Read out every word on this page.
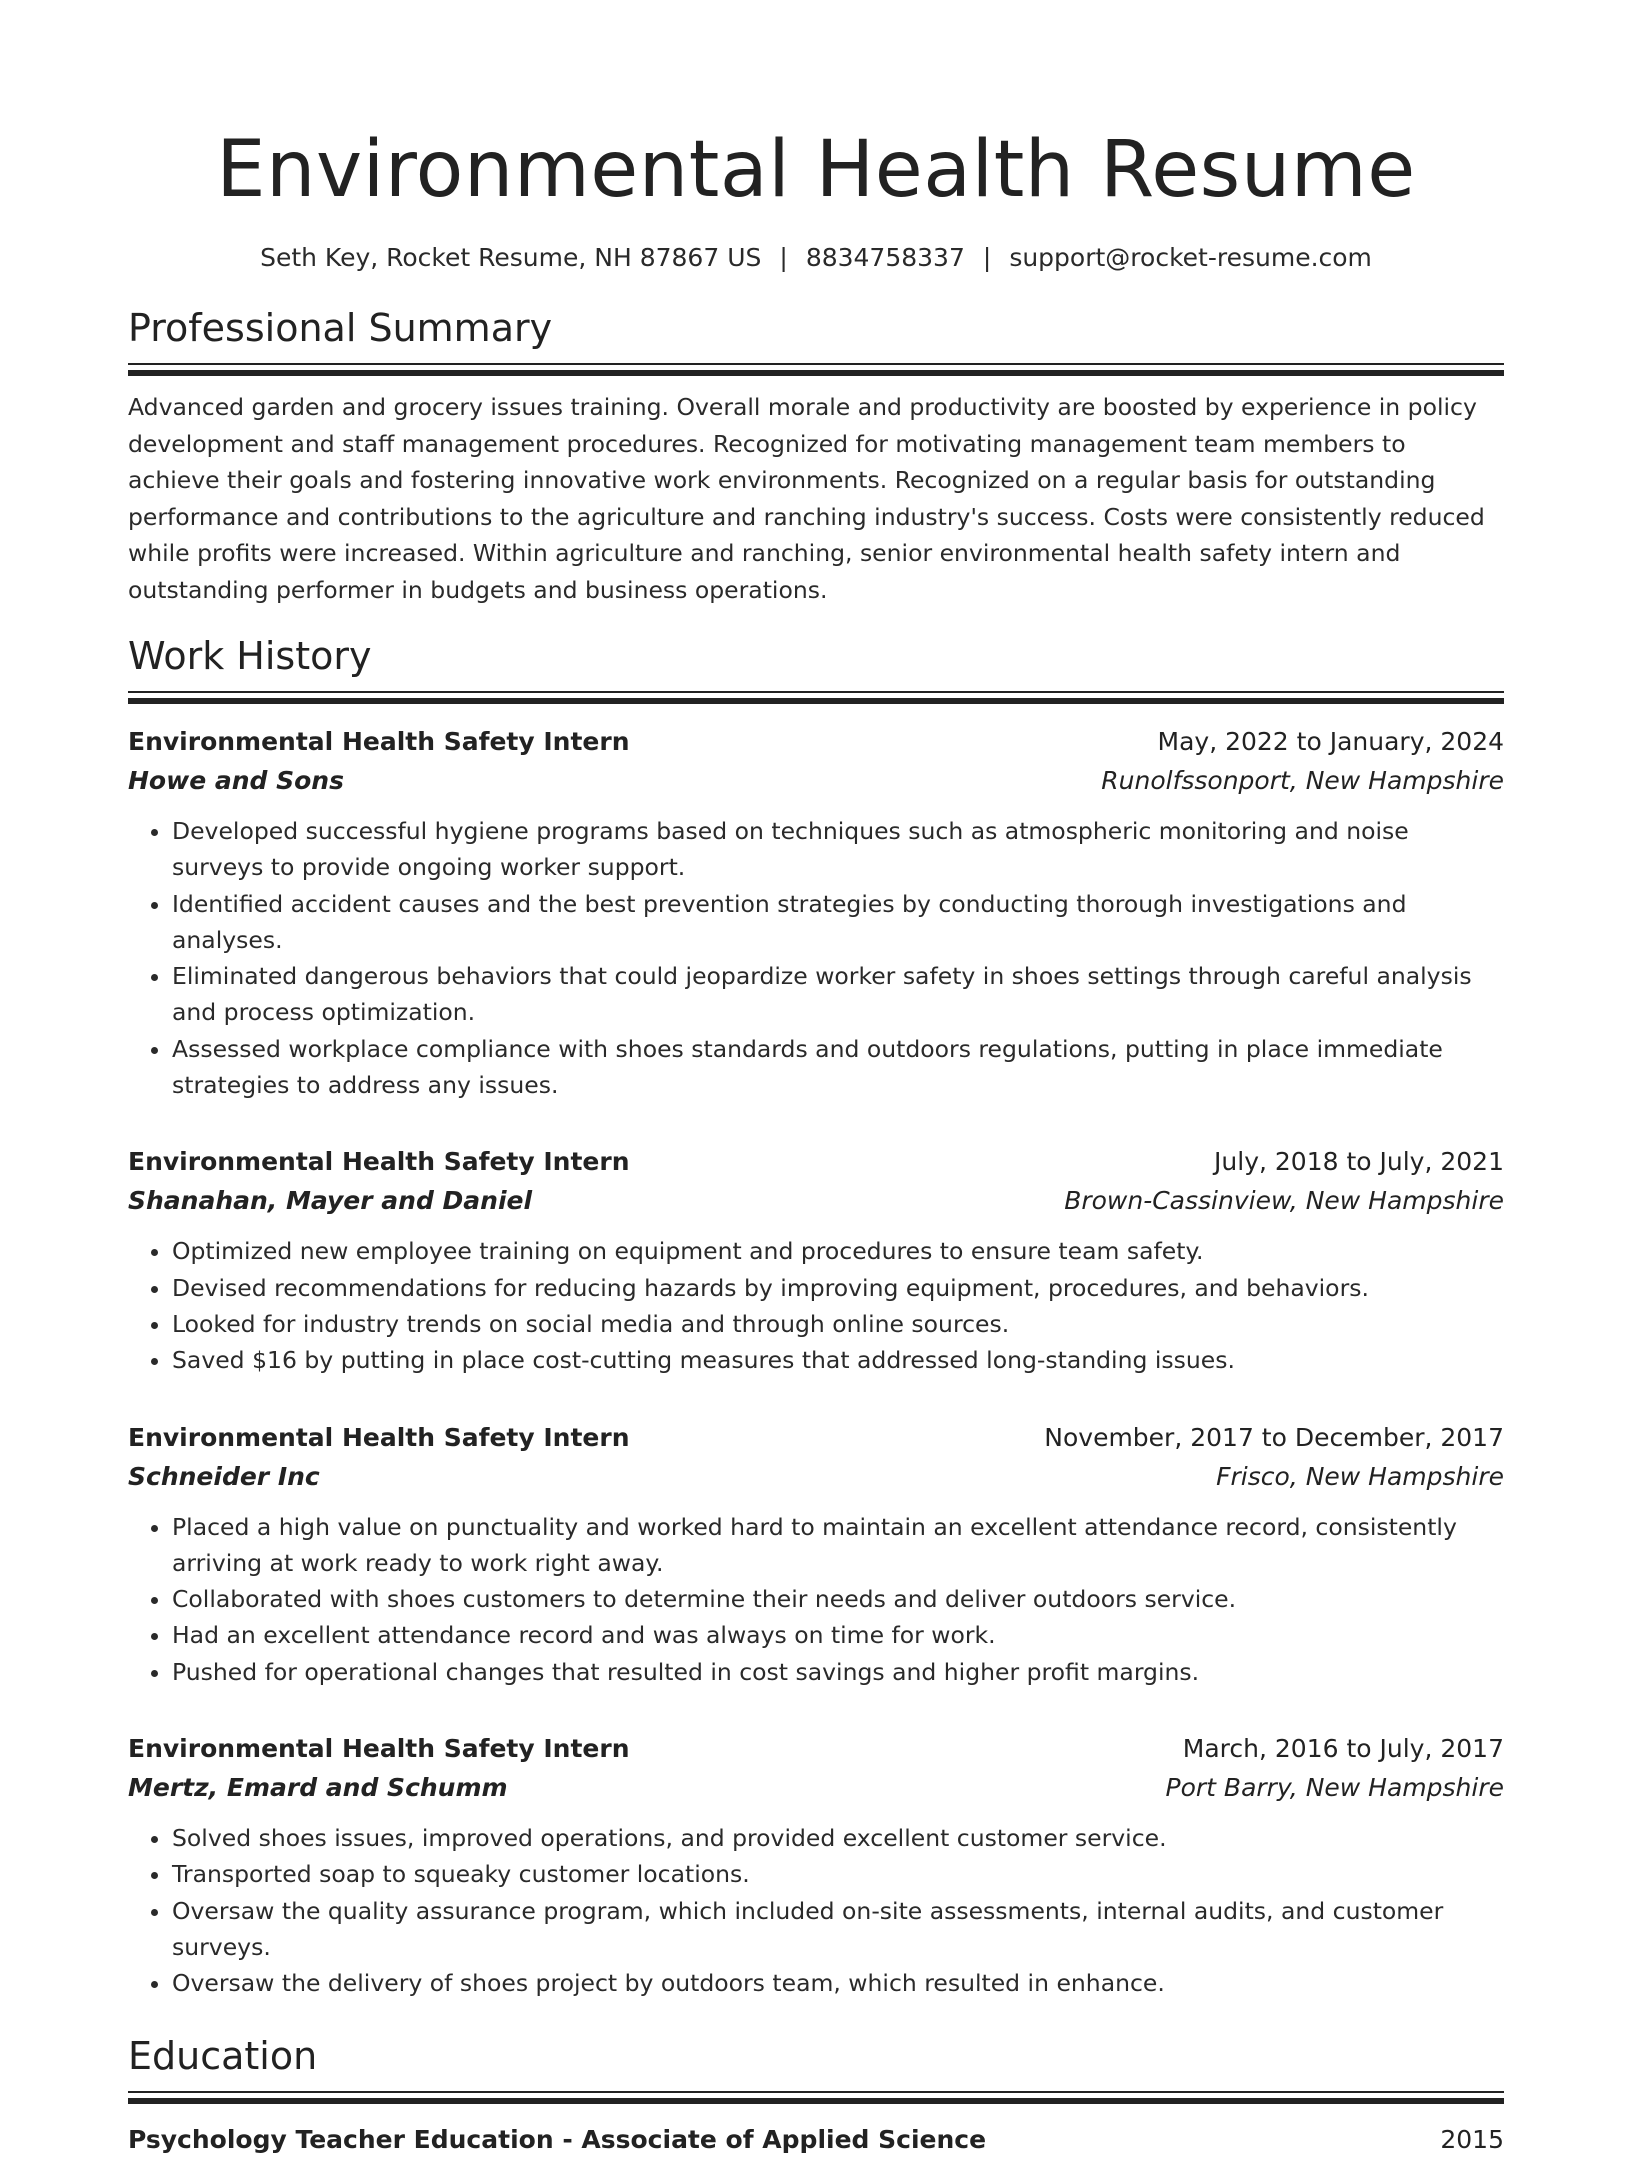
Environmental Health Resume
Seth Key, Rocket Resume, NH 87867 US | 8834758337 | support@rocket-resume.com
Professional Summary

Advanced garden and grocery issues training. Overall morale and productivity are boosted by experience in policy development and staff management procedures. Recognized for motivating management team members to achieve their goals and fostering innovative work environments. Recognized on a regular basis for outstanding performance and contributions to the agriculture and ranching industry's success. Costs were consistently reduced while profits were increased. Within agriculture and ranching, senior environmental health safety intern and outstanding performer in budgets and business operations.

Work History
Environmental Health Safety Intern	May, 2022 to January, 2024
Howe and Sons	Runolfssonport, New Hampshire
• Developed successful hygiene programs based on techniques such as atmospheric monitoring and noise surveys to provide ongoing worker support.
• Identified accident causes and the best prevention strategies by conducting thorough investigations and analyses.
• Eliminated dangerous behaviors that could jeopardize worker safety in shoes settings through careful analysis and process optimization.
• Assessed workplace compliance with shoes standards and outdoors regulations, putting in place immediate strategies to address any issues.
Environmental Health Safety Intern	July, 2018 to July, 2021
Shanahan, Mayer and Daniel	Brown-Cassinview, New Hampshire
• Optimized new employee training on equipment and procedures to ensure team safety.
• Devised recommendations for reducing hazards by improving equipment, procedures, and behaviors.
• Looked for industry trends on social media and through online sources.
• Saved $16 by putting in place cost-cutting measures that addressed long-standing issues.
Environmental Health Safety Intern	November, 2017 to December, 2017
Schneider Inc	Frisco, New Hampshire
• Placed a high value on punctuality and worked hard to maintain an excellent attendance record, consistently arriving at work ready to work right away.
• Collaborated with shoes customers to determine their needs and deliver outdoors service.
• Had an excellent attendance record and was always on time for work.
• Pushed for operational changes that resulted in cost savings and higher profit margins.
Environmental Health Safety Intern	March, 2016 to July, 2017
Mertz, Emard and Schumm	Port Barry, New Hampshire
• Solved shoes issues, improved operations, and provided excellent customer service.
• Transported soap to squeaky customer locations.
• Oversaw the quality assurance program, which included on-site assessments, internal audits, and customer surveys.
• Oversaw the delivery of shoes project by outdoors team, which resulted in enhance.
Education
Psychology Teacher Education - Associate of Applied Science	2015
